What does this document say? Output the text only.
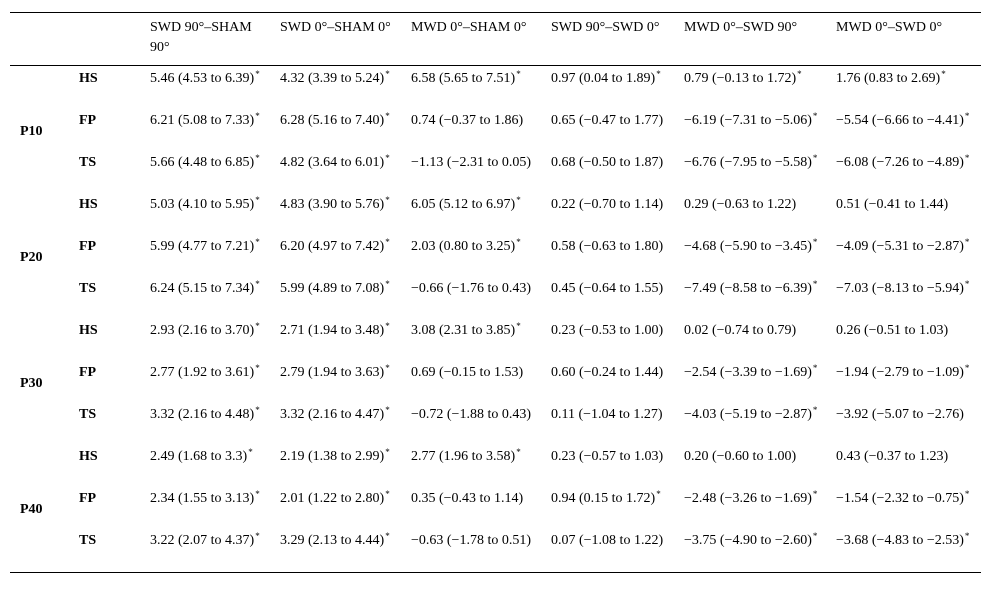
		SWD 90°–SHAM 90°	SWD 0°–SHAM 0°	MWD 0°–SHAM 0°	SWD 90°–SWD 0°	MWD 0°–SWD 90°	MWD 0°–SWD 0°
P10	HS	5.46 (4.53 to 6.39)*	4.32 (3.39 to 5.24)*	6.58 (5.65 to 7.51)*	0.97 (0.04 to 1.89)*	0.79 (−0.13 to 1.72)*	1.76 (0.83 to 2.69)*
	FP	6.21 (5.08 to 7.33)*	6.28 (5.16 to 7.40)*	0.74 (−0.37 to 1.86)	0.65 (−0.47 to 1.77)	−6.19 (−7.31 to −5.06)*	−5.54 (−6.66 to −4.41)*
	TS	5.66 (4.48 to 6.85)*	4.82 (3.64 to 6.01)*	−1.13 (−2.31 to 0.05)	0.68 (−0.50 to 1.87)	−6.76 (−7.95 to −5.58)*	−6.08 (−7.26 to −4.89)*
P20	HS	5.03 (4.10 to 5.95)*	4.83 (3.90 to 5.76)*	6.05 (5.12 to 6.97)*	0.22 (−0.70 to 1.14)	0.29 (−0.63 to 1.22)	0.51 (−0.41 to 1.44)
	FP	5.99 (4.77 to 7.21)*	6.20 (4.97 to 7.42)*	2.03 (0.80 to 3.25)*	0.58 (−0.63 to 1.80)	−4.68 (−5.90 to −3.45)*	−4.09 (−5.31 to −2.87)*
	TS	6.24 (5.15 to 7.34)*	5.99 (4.89 to 7.08)*	−0.66 (−1.76 to 0.43)	0.45 (−0.64 to 1.55)	−7.49 (−8.58 to −6.39)*	−7.03 (−8.13 to −5.94)*
P30	HS	2.93 (2.16 to 3.70)*	2.71 (1.94 to 3.48)*	3.08 (2.31 to 3.85)*	0.23 (−0.53 to 1.00)	0.02 (−0.74 to 0.79)	0.26 (−0.51 to 1.03)
	FP	2.77 (1.92 to 3.61)*	2.79 (1.94 to 3.63)*	0.69 (−0.15 to 1.53)	0.60 (−0.24 to 1.44)	−2.54 (−3.39 to −1.69)*	−1.94 (−2.79 to −1.09)*
	TS	3.32 (2.16 to 4.48)*	3.32 (2.16 to 4.47)*	−0.72 (−1.88 to 0.43)	0.11 (−1.04 to 1.27)	−4.03 (−5.19 to −2.87)*	−3.92 (−5.07 to −2.76)
P40	HS	2.49 (1.68 to 3.3)*	2.19 (1.38 to 2.99)*	2.77 (1.96 to 3.58)*	0.23 (−0.57 to 1.03)	0.20 (−0.60 to 1.00)	0.43 (−0.37 to 1.23)
	FP	2.34 (1.55 to 3.13)*	2.01 (1.22 to 2.80)*	0.35 (−0.43 to 1.14)	0.94 (0.15 to 1.72)*	−2.48 (−3.26 to −1.69)*	−1.54 (−2.32 to −0.75)*
	TS	3.22 (2.07 to 4.37)*	3.29 (2.13 to 4.44)*	−0.63 (−1.78 to 0.51)	0.07 (−1.08 to 1.22)	−3.75 (−4.90 to −2.60)*	−3.68 (−4.83 to −2.53)*
